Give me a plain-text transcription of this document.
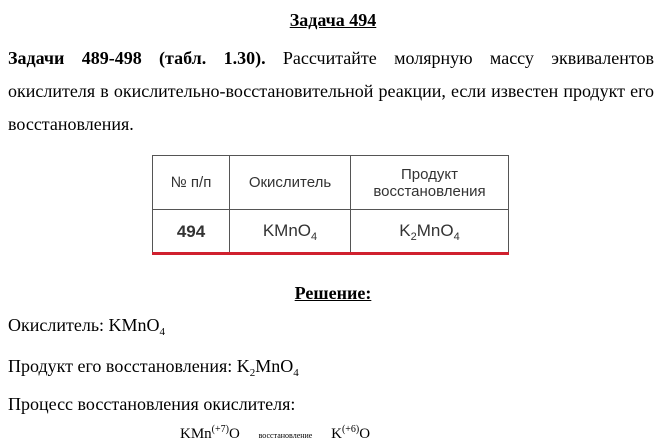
Задача 494
Задачи 489-498 (табл. 1.30). Рассчитайте молярную массу эквивалентов окислителя в окислительно-восстановительной реакции, если известен продукт его восстановления.
№ п/п	Окислитель	Продукт восстановления
494	KMnO$_4$	$K_2MnO_4$
Решение:
Окислитель: KMnO$_4$
Продукт его восстановления: $K_2MnO_4$
Процесс восстановления окислителя:
KMn$^{(+7)}$O восстановление $K^{(+6)}O$
